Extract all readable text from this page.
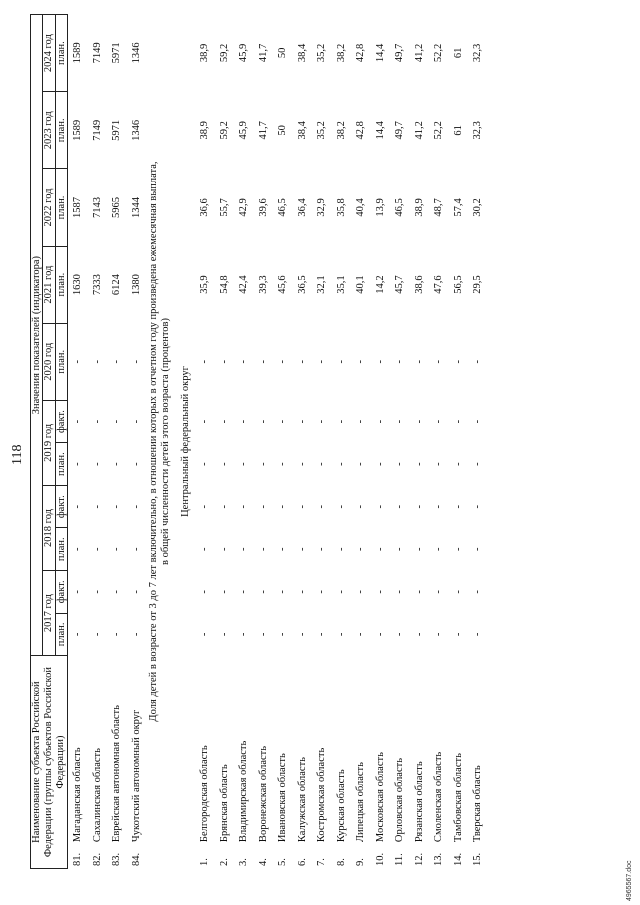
118
Наименование субъекта Российской Федерации (группы субъектов Российской Федерации)		Значения показателей (индикатора)										
		2017 год		2018 год		2019 год		2020 год	2021 год	2022 год	2023 год	2024 год
		план.	факт.	план.	факт.	план.	факт.	план.	план.	план.	план.	план.
81.	Магаданская область	-	-	-	-	-	-	-	1630	1587	1589	1589
82.	Сахалинская область	-	-	-	-	-	-	-	7333	7143	7149	7149
83.	Еврейская автономная область	-	-	-	-	-	-	-	6124	5965	5971	5971
84.	Чукотский автономный округ	-	-	-	-	-	-	-	1380	1344	1346	1346

Доля детей в возрасте от 3 до 7 лет включительно, в отношении которых в отчетном году произведена ежемесячная выплата, в общей численности детей этого возраста (процентов)												

Центральный федеральный округ												
1.	Белгородская область	-	-	-	-	-	-	-	35,9	36,6	38,9	38,9
2.	Брянская область	-	-	-	-	-	-	-	54,8	55,7	59,2	59,2
3.	Владимирская область	-	-	-	-	-	-	-	42,4	42,9	45,9	45,9
4.	Воронежская область	-	-	-	-	-	-	-	39,3	39,6	41,7	41,7
5.	Ивановская область	-	-	-	-	-	-	-	45,6	46,5	50	50
6.	Калужская область	-	-	-	-	-	-	-	36,5	36,4	38,4	38,4
7.	Костромская область	-	-	-	-	-	-	-	32,1	32,9	35,2	35,2
8.	Курская область	-	-	-	-	-	-	-	35,1	35,8	38,2	38,2
9.	Липецкая область	-	-	-	-	-	-	-	40,1	40,4	42,8	42,8
10.	Московская область	-	-	-	-	-	-	-	14,2	13,9	14,4	14,4
11.	Орловская область	-	-	-	-	-	-	-	45,7	46,5	49,7	49,7
12.	Рязанская область	-	-	-	-	-	-	-	38,6	38,9	41,2	41,2
13.	Смоленская область	-	-	-	-	-	-	-	47,6	48,7	52,2	52,2
14.	Тамбовская область	-	-	-	-	-	-	-	56,5	57,4	61	61
15.	Тверская область	-	-	-	-	-	-	-	29,5	30,2	32,3	32,3
4965567.doc
